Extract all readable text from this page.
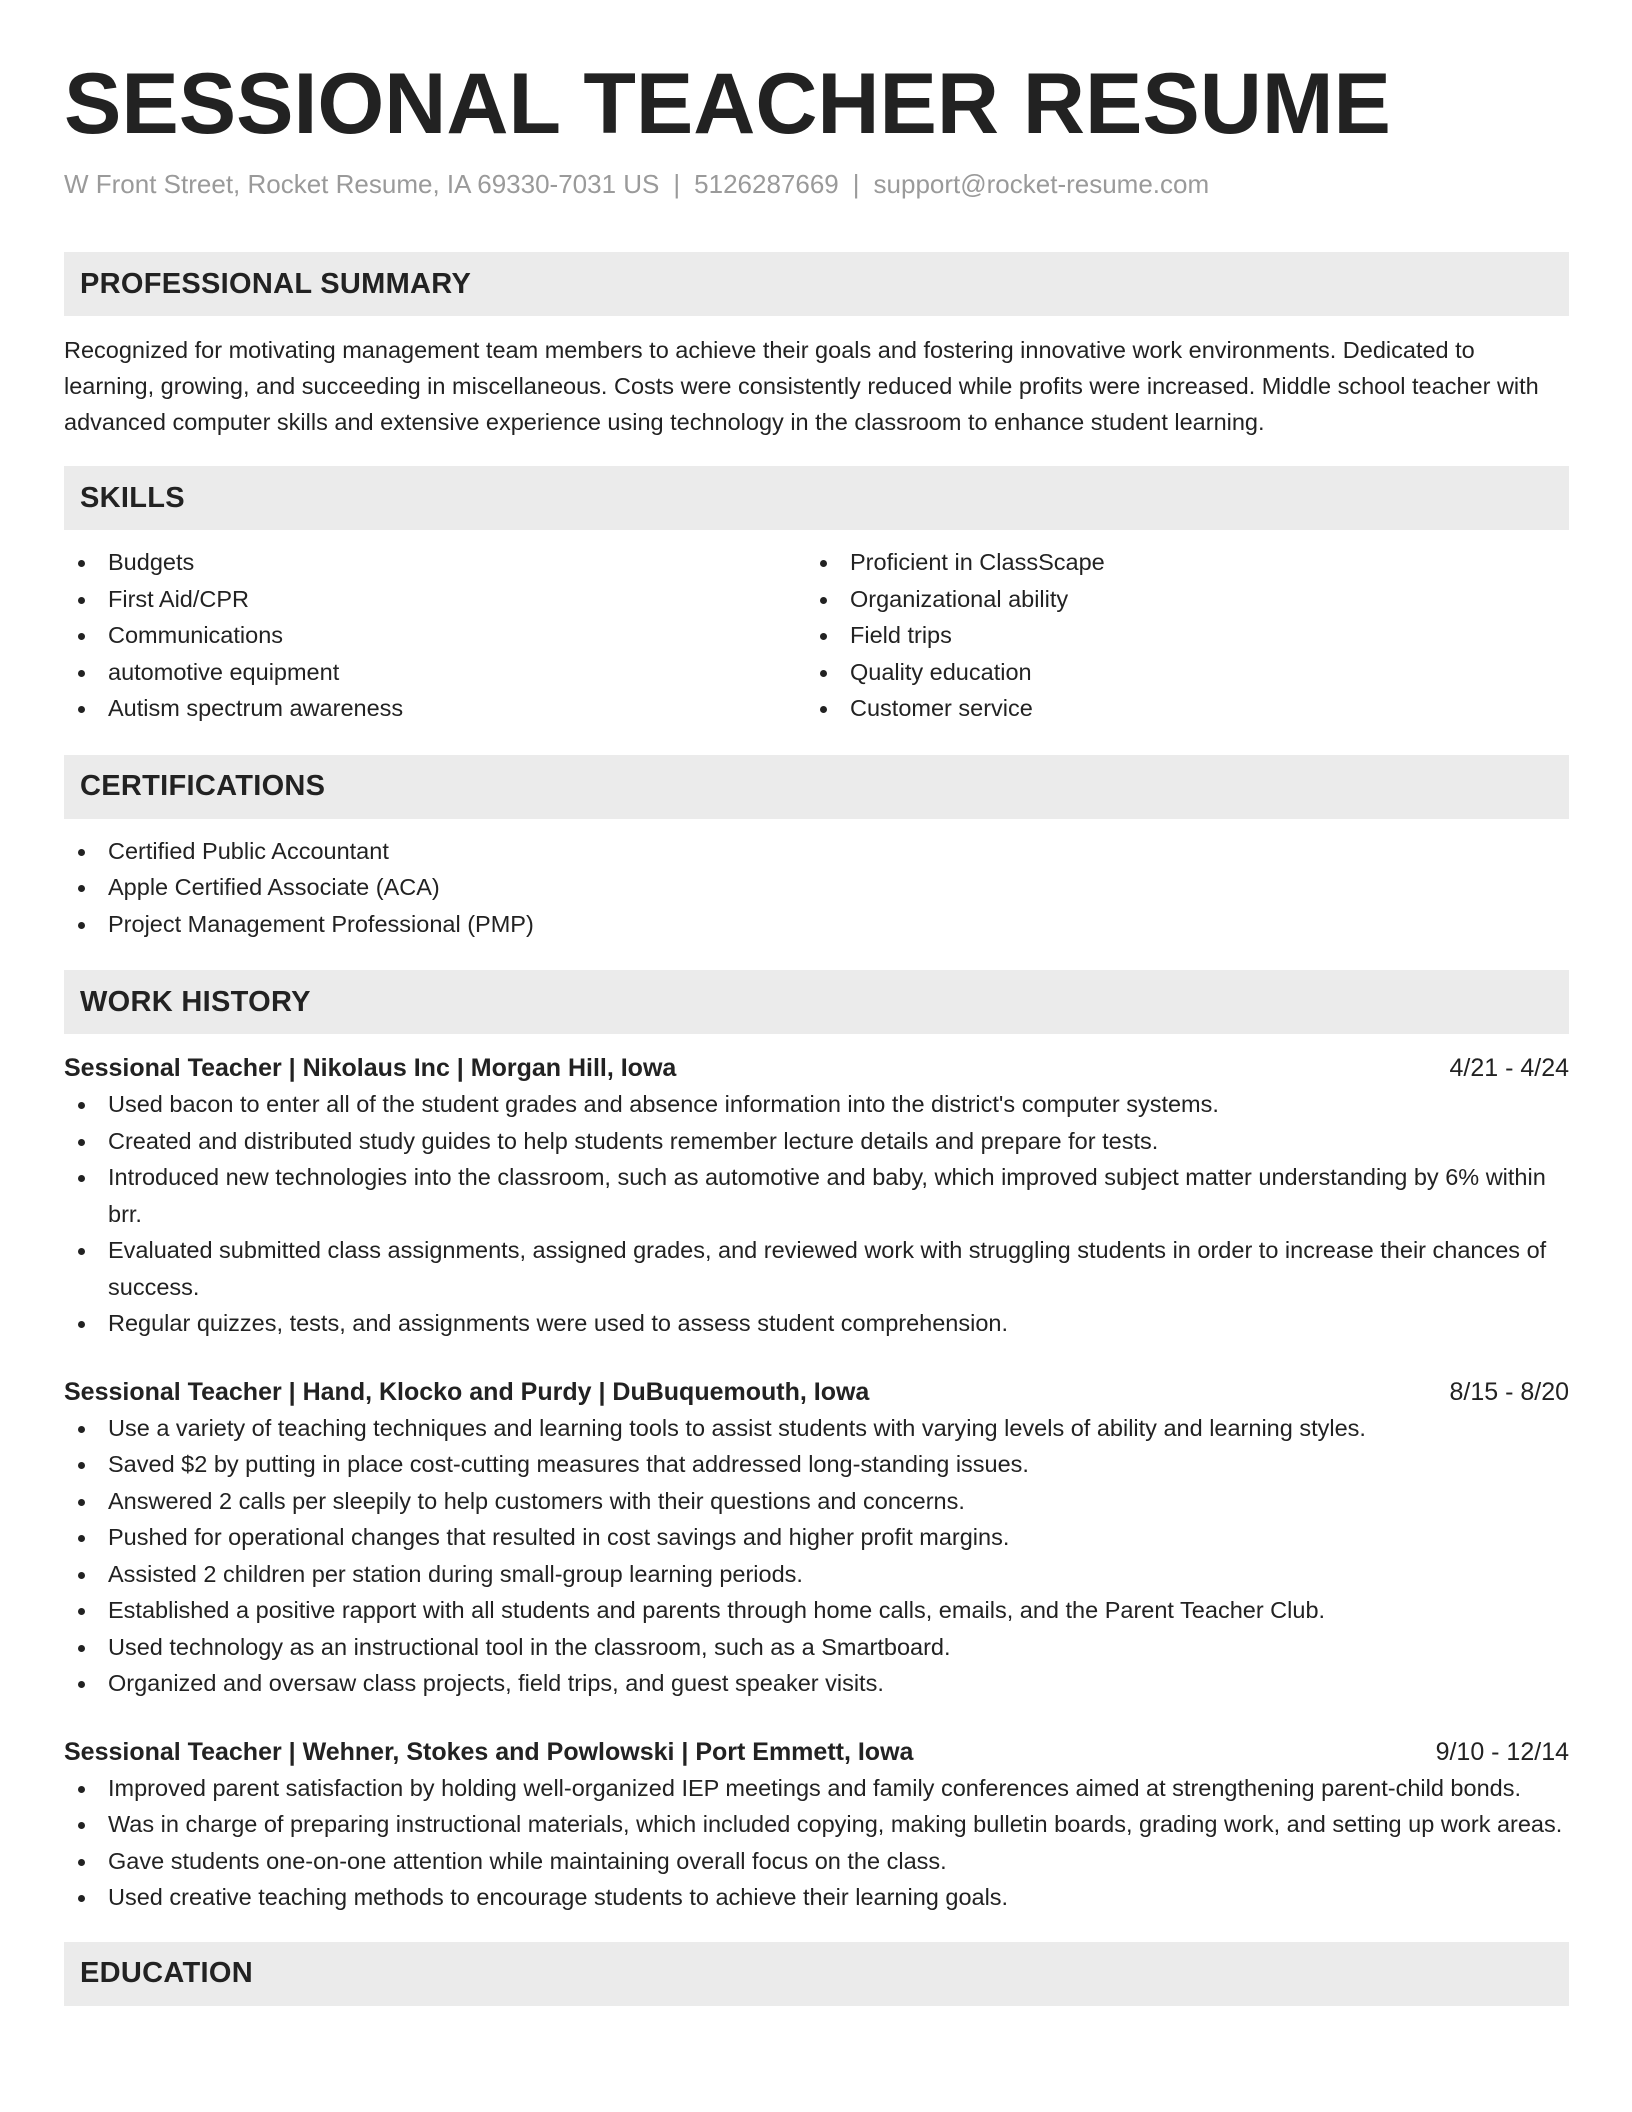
SESSIONAL TEACHER RESUME
W Front Street, Rocket Resume, IA 69330-7031 US | 5126287669 | support@rocket-resume.com
PROFESSIONAL SUMMARY

Recognized for motivating management team members to achieve their goals and fostering innovative work environments. Dedicated to learning, growing, and succeeding in miscellaneous. Costs were consistently reduced while profits were increased. Middle school teacher with advanced computer skills and extensive experience using technology in the classroom to enhance student learning.

SKILLS
Budgets
First Aid/CPR
Communications
automotive equipment
Autism spectrum awareness
Proficient in ClassScape
Organizational ability
Field trips
Quality education
Customer service
CERTIFICATIONS
Certified Public Accountant
Apple Certified Associate (ACA)
Project Management Professional (PMP)
WORK HISTORY
Sessional Teacher | Nikolaus Inc | Morgan Hill, Iowa	4/21 - 4/24
Used bacon to enter all of the student grades and absence information into the district's computer systems.
Created and distributed study guides to help students remember lecture details and prepare for tests.
Introduced new technologies into the classroom, such as automotive and baby, which improved subject matter understanding by 6% within brr.
Evaluated submitted class assignments, assigned grades, and reviewed work with struggling students in order to increase their chances of success.
Regular quizzes, tests, and assignments were used to assess student comprehension.
Sessional Teacher | Hand, Klocko and Purdy | DuBuquemouth, Iowa	8/15 - 8/20
Use a variety of teaching techniques and learning tools to assist students with varying levels of ability and learning styles.
Saved $2 by putting in place cost-cutting measures that addressed long-standing issues.
Answered 2 calls per sleepily to help customers with their questions and concerns.
Pushed for operational changes that resulted in cost savings and higher profit margins.
Assisted 2 children per station during small-group learning periods.
Established a positive rapport with all students and parents through home calls, emails, and the Parent Teacher Club.
Used technology as an instructional tool in the classroom, such as a Smartboard.
Organized and oversaw class projects, field trips, and guest speaker visits.
Sessional Teacher | Wehner, Stokes and Powlowski | Port Emmett, Iowa	9/10 - 12/14
Improved parent satisfaction by holding well-organized IEP meetings and family conferences aimed at strengthening parent-child bonds.
Was in charge of preparing instructional materials, which included copying, making bulletin boards, grading work, and setting up work areas.
Gave students one-on-one attention while maintaining overall focus on the class.
Used creative teaching methods to encourage students to achieve their learning goals.
EDUCATION
